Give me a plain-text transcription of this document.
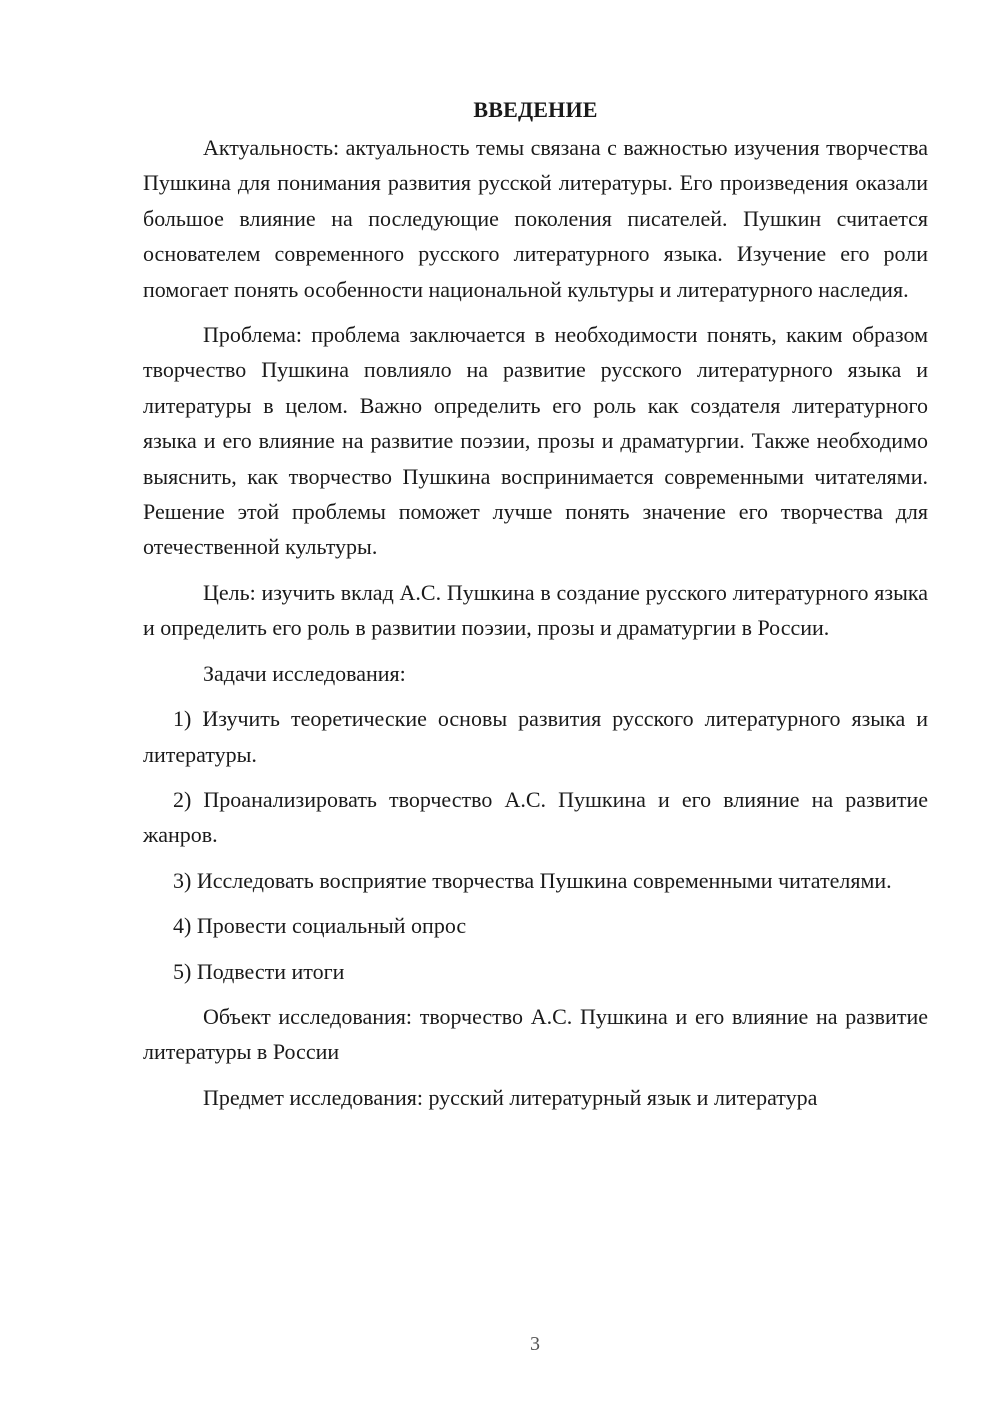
ВВЕДЕНИЕ

Актуальность: актуальность темы связана с важностью изучения творчества Пушкина для понимания развития русской литературы. Его произведения оказали большое влияние на последующие поколения писателей. Пушкин считается основателем современного русского литературного языка. Изучение его роли помогает понять особенности национальной культуры и литературного наследия.

Проблема: проблема заключается в необходимости понять, каким образом творчество Пушкина повлияло на развитие русского литературного языка и литературы в целом. Важно определить его роль как создателя литературного языка и его влияние на развитие поэзии, прозы и драматургии. Также необходимо выяснить, как творчество Пушкина воспринимается современными читателями. Решение этой проблемы поможет лучше понять значение его творчества для отечественной культуры.

Цель: изучить вклад А.С. Пушкина в создание русского литературного языка и определить его роль в развитии поэзии, прозы и драматургии в России.

Задачи исследования:

1) Изучить теоретические основы развития русского литературного языка и литературы.

2) Проанализировать творчество А.С. Пушкина и его влияние на развитие жанров.

3) Исследовать восприятие творчества Пушкина современными читателями.

4) Провести социальный опрос

5) Подвести итоги

Объект исследования: творчество А.С. Пушкина и его влияние на развитие литературы в России

Предмет исследования: русский литературный язык и литература

3
